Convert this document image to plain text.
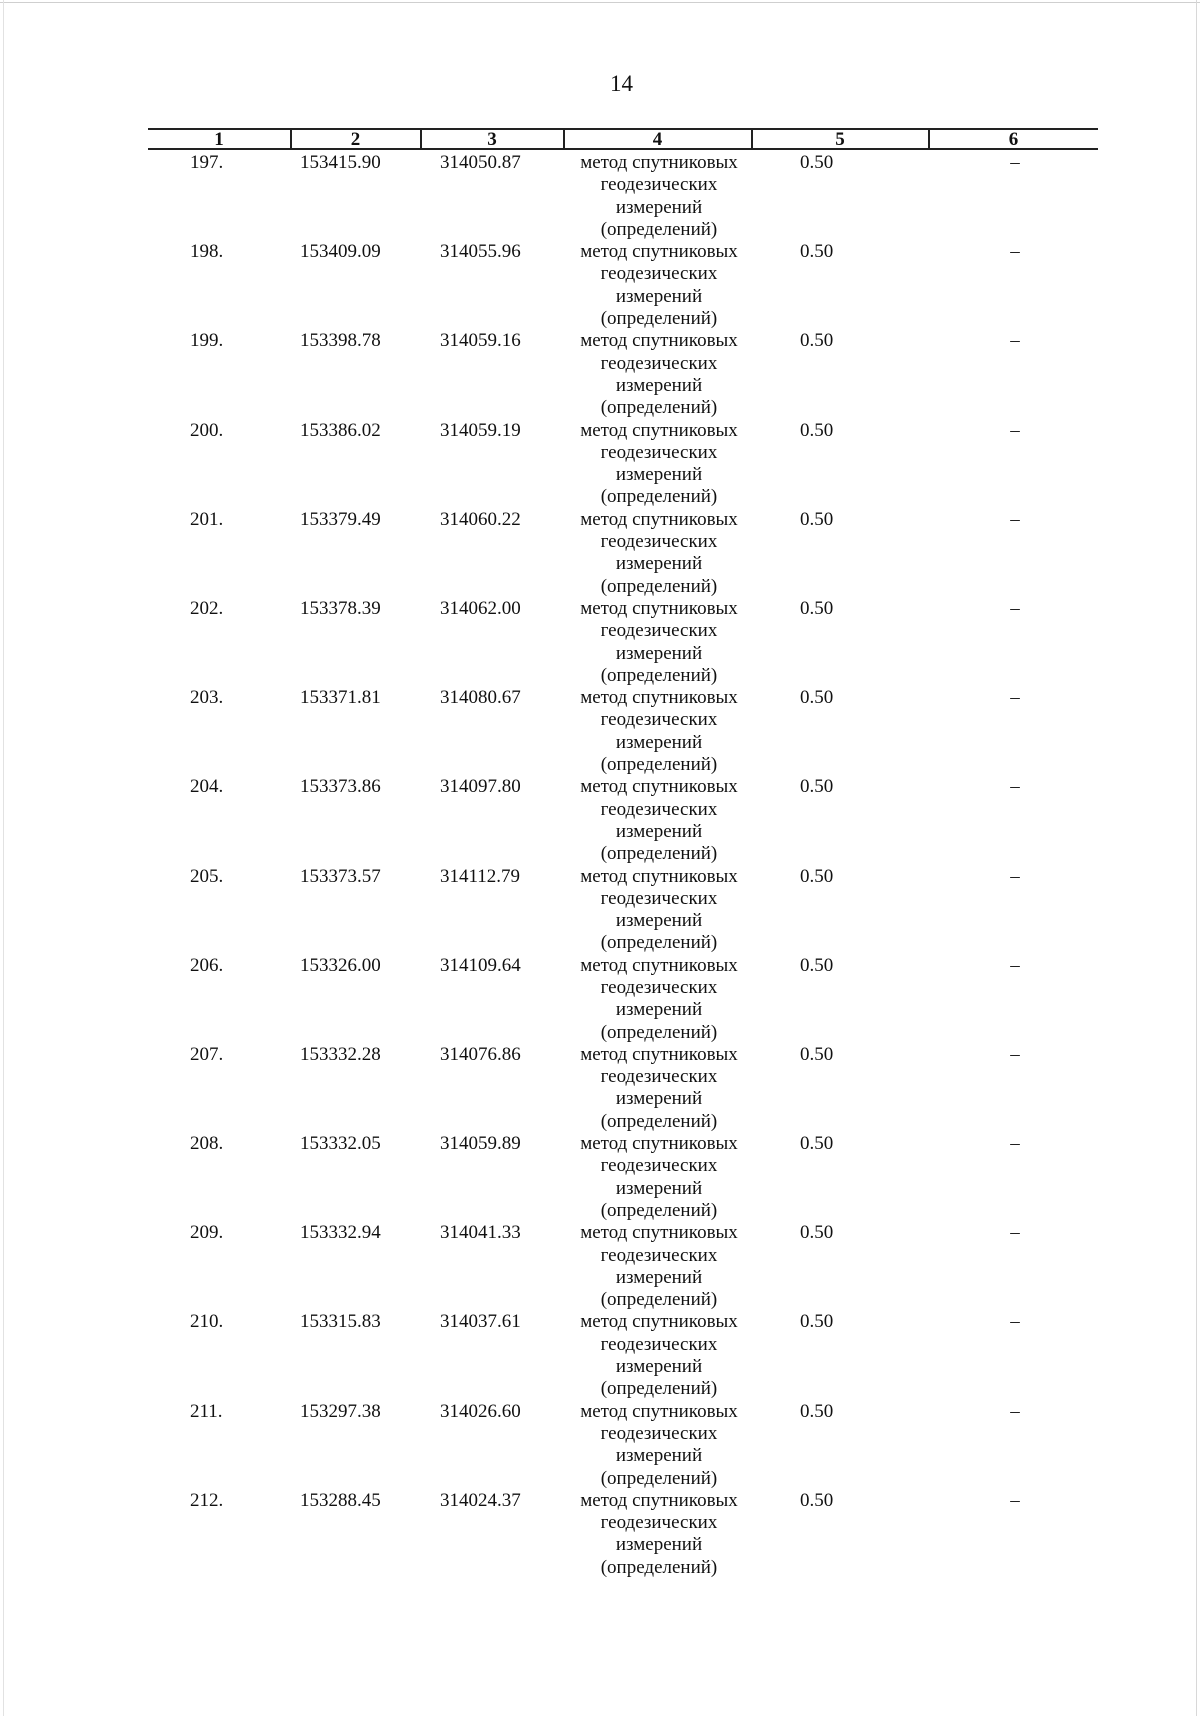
14
1	2	3	4	5	6
197.	153415.90	314050.87	метод спутниковых
геодезических
измерений
(определений)
0.50	–
198.	153409.09	314055.96	метод спутниковых
геодезических
измерений
(определений)
0.50	–
199.	153398.78	314059.16	метод спутниковых
геодезических
измерений
(определений)
0.50	–
200.	153386.02	314059.19	метод спутниковых
геодезических
измерений
(определений)
0.50	–
201.	153379.49	314060.22	метод спутниковых
геодезических
измерений
(определений)
0.50	–
202.	153378.39	314062.00	метод спутниковых
геодезических
измерений
(определений)
0.50	–
203.	153371.81	314080.67	метод спутниковых
геодезических
измерений
(определений)
0.50	–
204.	153373.86	314097.80	метод спутниковых
геодезических
измерений
(определений)
0.50	–
205.	153373.57	314112.79	метод спутниковых
геодезических
измерений
(определений)
0.50	–
206.	153326.00	314109.64	метод спутниковых
геодезических
измерений
(определений)
0.50	–
207.	153332.28	314076.86	метод спутниковых
геодезических
измерений
(определений)
0.50	–
208.	153332.05	314059.89	метод спутниковых
геодезических
измерений
(определений)
0.50	–
209.	153332.94	314041.33	метод спутниковых
геодезических
измерений
(определений)
0.50	–
210.	153315.83	314037.61	метод спутниковых
геодезических
измерений
(определений)
0.50	–
211.	153297.38	314026.60	метод спутниковых
геодезических
измерений
(определений)
0.50	–
212.	153288.45	314024.37	метод спутниковых
геодезических
измерений
(определений)
0.50	–
